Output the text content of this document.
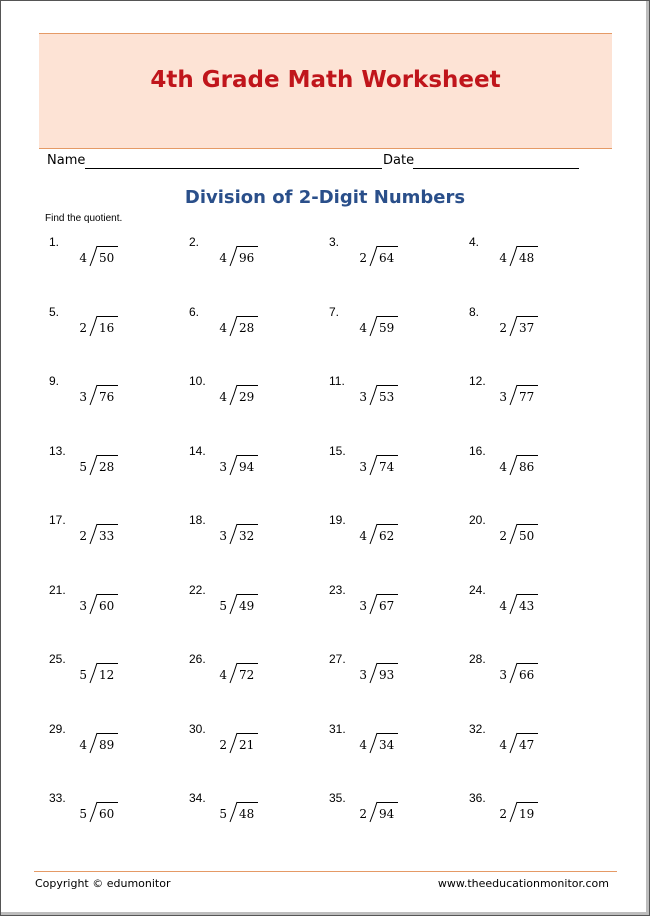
4th Grade Math Worksheet
Name	Date
Division of 2-Digit Numbers
Find the quotient.
1.
4 50
2.
4 96
3.
2 64
4.
4 48
5.
2 16
6.
4 28
7.
4 59
8.
2 37
9.
3 76
10.
4 29
11.
3 53
12.
3 77
13.
5 28
14.
3 94
15.
3 74
16.
4 86
17.
2 33
18.
3 32
19.
4 62
20.
2 50
21.
3 60
22.
5 49
23.
3 67
24.
4 43
25.
5 12
26.
4 72
27.
3 93
28.
3 66
29.
4 89
30.
2 21
31.
4 34
32.
4 47
33.
5 60
34.
5 48
35.
2 94
36.
2 19
Copyright © edumonitor	www.theeducationmonitor.com
